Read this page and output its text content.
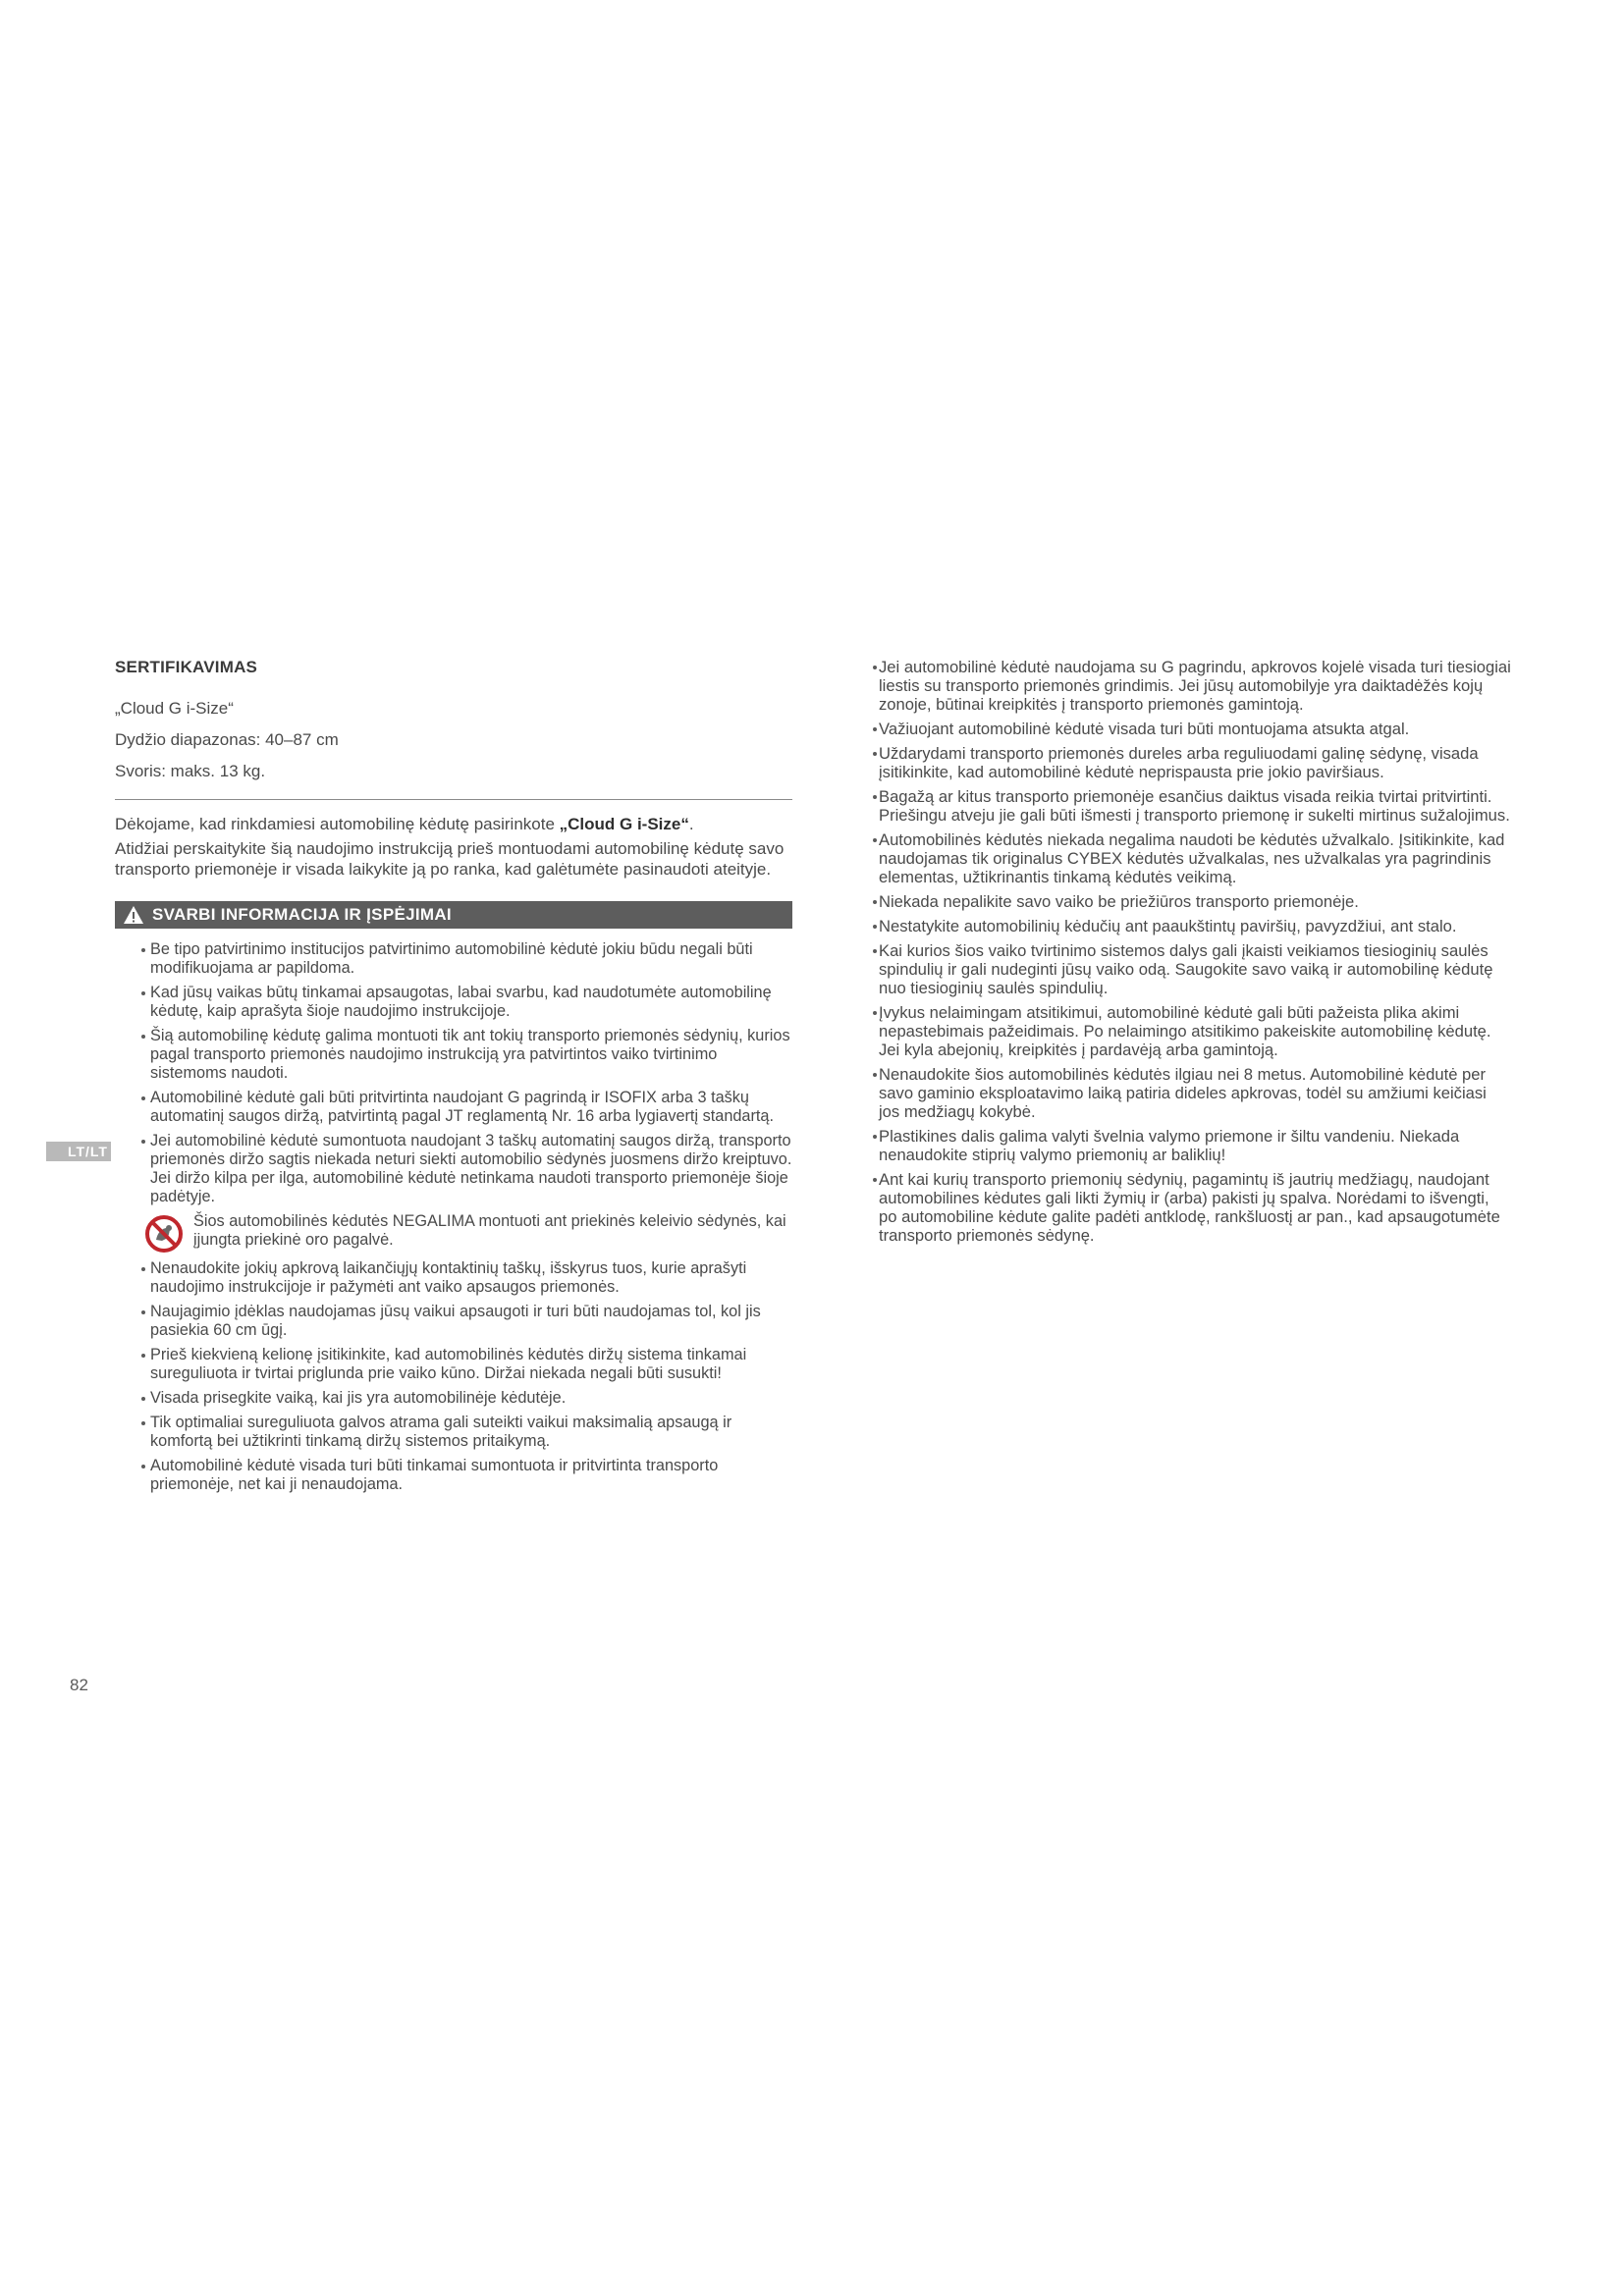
SERTIFIKAVIMAS
„Cloud G i-Size“
Dydžio diapazonas: 40–87 cm
Svoris: maks. 13 kg.

Dėkojame, kad rinkdamiesi automobilinę kėdutę pasirinkote „Cloud G i-Size“.

Atidžiai perskaitykite šią naudojimo instrukciją prieš montuodami automobilinę kėdutę savo transporto priemonėje ir visada laikykite ją po ranka, kad galėtumėte pasinaudoti ateityje.

SVARBI INFORMACIJA IR ĮSPĖJIMAI
Be tipo patvirtinimo institucijos patvirtinimo automobilinė kėdutė jokiu būdu negali būti modifikuojama ar papildoma.
Kad jūsų vaikas būtų tinkamai apsaugotas, labai svarbu, kad naudotumėte automobilinę kėdutę, kaip aprašyta šioje naudojimo instrukcijoje.
Šią automobilinę kėdutę galima montuoti tik ant tokių transporto priemonės sėdynių, kurios pagal transporto priemonės naudojimo instrukciją yra patvirtintos vaiko tvirtinimo sistemoms naudoti.
Automobilinė kėdutė gali būti pritvirtinta naudojant G pagrindą ir ISOFIX arba 3 taškų automatinį saugos diržą, patvirtintą pagal JT reglamentą Nr. 16 arba lygiavertį standartą.
Jei automobilinė kėdutė sumontuota naudojant 3 taškų automatinį saugos diržą, transporto priemonės diržo sagtis niekada neturi siekti automobilio sėdynės juosmens diržo kreiptuvo. Jei diržo kilpa per ilga, automobilinė kėdutė netinkama naudoti transporto priemonėje šioje padėtyje.
Šios automobilinės kėdutės NEGALIMA montuoti ant priekinės keleivio sėdynės, kai įjungta priekinė oro pagalvė.
Nenaudokite jokių apkrovą laikančiųjų kontaktinių taškų, išskyrus tuos, kurie aprašyti naudojimo instrukcijoje ir pažymėti ant vaiko apsaugos priemonės.
Naujagimio įdėklas naudojamas jūsų vaikui apsaugoti ir turi būti naudojamas tol, kol jis pasiekia 60 cm ūgį.
Prieš kiekvieną kelionę įsitikinkite, kad automobilinės kėdutės diržų sistema tinkamai sureguliuota ir tvirtai priglunda prie vaiko kūno. Diržai niekada negali būti susukti!
Visada prisegkite vaiką, kai jis yra automobilinėje kėdutėje.
Tik optimaliai sureguliuota galvos atrama gali suteikti vaikui maksimalią apsaugą ir komfortą bei užtikrinti tinkamą diržų sistemos pritaikymą.
Automobilinė kėdutė visada turi būti tinkamai sumontuota ir pritvirtinta transporto priemonėje, net kai ji nenaudojama.
Jei automobilinė kėdutė naudojama su G pagrindu, apkrovos kojelė visada turi tiesiogiai liestis su transporto priemonės grindimis. Jei jūsų automobilyje yra daiktadėžės kojų zonoje, būtinai kreipkitės į transporto priemonės gamintoją.
Važiuojant automobilinė kėdutė visada turi būti montuojama atsukta atgal.
Uždarydami transporto priemonės dureles arba reguliuodami galinę sėdynę, visada įsitikinkite, kad automobilinė kėdutė neprispausta prie jokio paviršiaus.
Bagažą ar kitus transporto priemonėje esančius daiktus visada reikia tvirtai pritvirtinti. Priešingu atveju jie gali būti išmesti į transporto priemonę ir sukelti mirtinus sužalojimus.
Automobilinės kėdutės niekada negalima naudoti be kėdutės užvalkalo. Įsitikinkite, kad naudojamas tik originalus CYBEX kėdutės užvalkalas, nes užvalkalas yra pagrindinis elementas, užtikrinantis tinkamą kėdutės veikimą.
Niekada nepalikite savo vaiko be priežiūros transporto priemonėje.
Nestatykite automobilinių kėdučių ant paaukštintų paviršių, pavyzdžiui, ant stalo.
Kai kurios šios vaiko tvirtinimo sistemos dalys gali įkaisti veikiamos tiesioginių saulės spindulių ir gali nudeginti jūsų vaiko odą. Saugokite savo vaiką ir automobilinę kėdutę nuo tiesioginių saulės spindulių.
Įvykus nelaimingam atsitikimui, automobilinė kėdutė gali būti pažeista plika akimi nepastebimais pažeidimais. Po nelaimingo atsitikimo pakeiskite automobilinę kėdutę. Jei kyla abejonių, kreipkitės į pardavėją arba gamintoją.
Nenaudokite šios automobilinės kėdutės ilgiau nei 8 metus. Automobilinė kėdutė per savo gaminio eksploatavimo laiką patiria dideles apkrovas, todėl su amžiumi keičiasi jos medžiagų kokybė.
Plastikines dalis galima valyti švelnia valymo priemone ir šiltu vandeniu. Niekada nenaudokite stiprių valymo priemonių ar baliklių!
Ant kai kurių transporto priemonių sėdynių, pagamintų iš jautrių medžiagų, naudojant automobilines kėdutes gali likti žymių ir (arba) pakisti jų spalva. Norėdami to išvengti, po automobiline kėdute galite padėti antklodę, rankšluostį ar pan., kad apsaugotumėte transporto priemonės sėdynę.
LT/LT
82
